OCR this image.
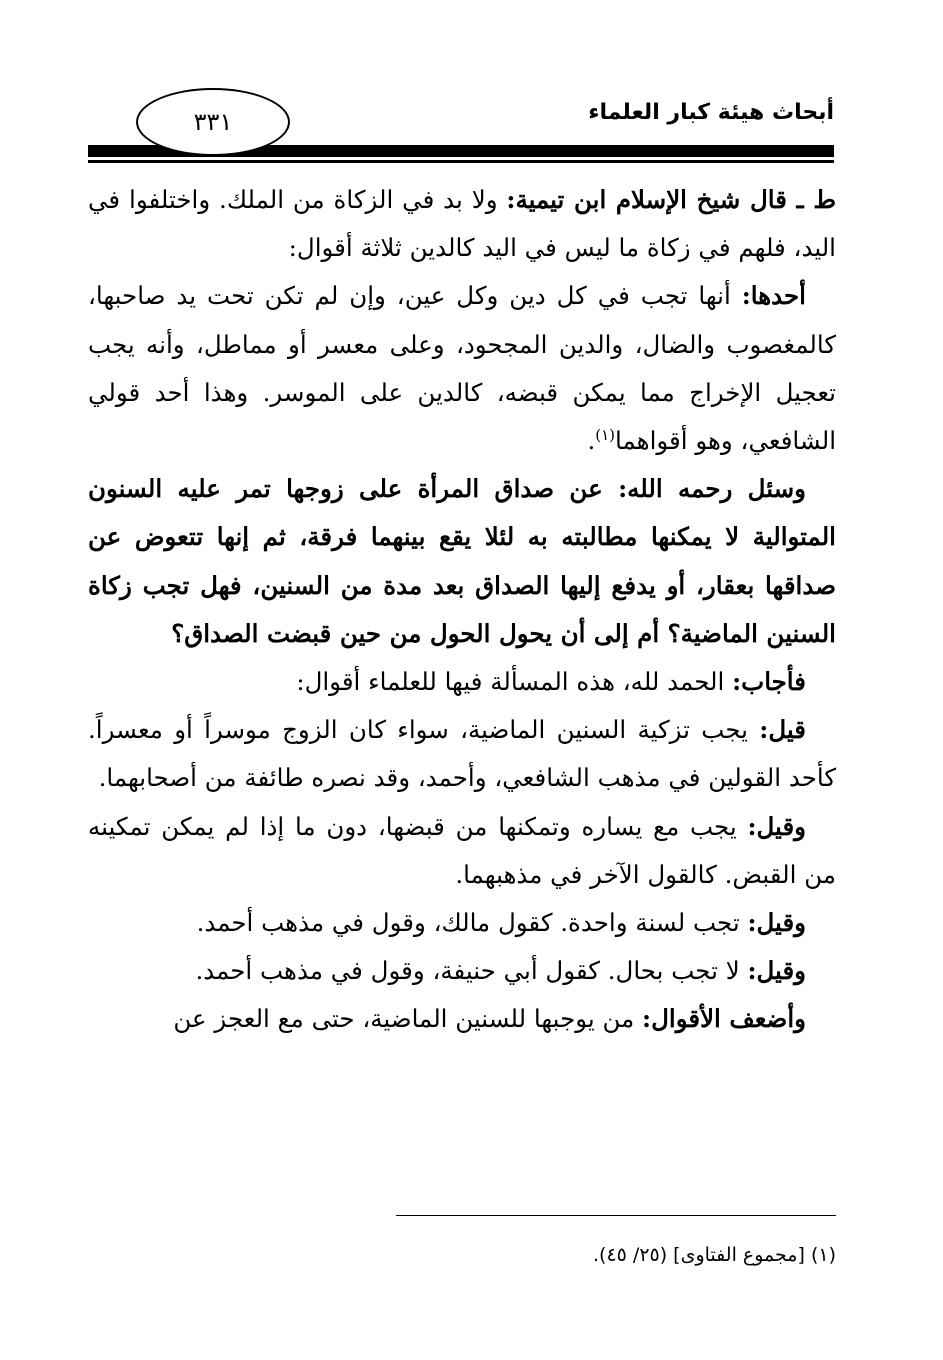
أبحاث هيئة كبار العلماء
٣٣١

ط ـ قال شيخ الإسلام ابن تيمية: ولا بد في الزكاة من الملك. واختلفوا في اليد، فلهم في زكاة ما ليس في اليد كالدين ثلاثة أقوال:

أحدها: أنها تجب في كل دين وكل عين، وإن لم تكن تحت يد صاحبها، كالمغصوب والضال، والدين المجحود، وعلى معسر أو مماطل، وأنه يجب تعجيل الإخراج مما يمكن قبضه، كالدين على الموسر. وهذا أحد قولي الشافعي، وهو أقواهما$^{(١)}$.

وسئل رحمه الله: عن صداق المرأة على زوجها تمر عليه السنون المتوالية لا يمكنها مطالبته به لئلا يقع بينهما فرقة، ثم إنها تتعوض عن صداقها بعقار، أو يدفع إليها الصداق بعد مدة من السنين، فهل تجب زكاة السنين الماضية؟ أم إلى أن يحول الحول من حين قبضت الصداق؟

فأجاب: الحمد لله، هذه المسألة فيها للعلماء أقوال:

قيل: يجب تزكية السنين الماضية، سواء كان الزوج موسراً أو معسراً. كأحد القولين في مذهب الشافعي، وأحمد، وقد نصره طائفة من أصحابهما.

وقيل: يجب مع يساره وتمكنها من قبضها، دون ما إذا لم يمكن تمكينه من القبض. كالقول الآخر في مذهبهما.

وقيل: تجب لسنة واحدة. كقول مالك، وقول في مذهب أحمد.

وقيل: لا تجب بحال. كقول أبي حنيفة، وقول في مذهب أحمد.

وأضعف الأقوال: من يوجبها للسنين الماضية، حتى مع العجز عن

(١) [مجموع الفتاوى] (٢٥/ ٤٥).
